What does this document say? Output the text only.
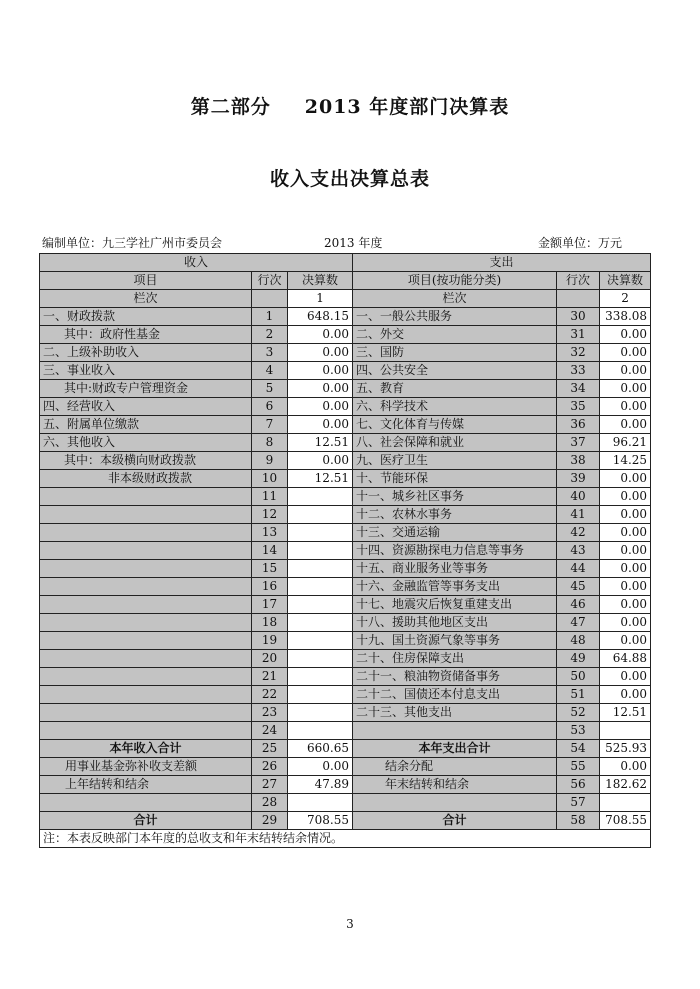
第二部分 2013 年度部门决算表
收入支出决算总表
编制单位：九三学社广州市委员会	2013 年度	金额单位：万元
收入			支出		
项目	行次	决算数	项目(按功能分类)	行次	决算数
栏次		1	栏次		2
一、财政拨款	1	648.15	一、一般公共服务	30	338.08
其中：政府性基金	2	0.00	二、外交	31	0.00
二、上级补助收入	3	0.00	三、国防	32	0.00
三、事业收入	4	0.00	四、公共安全	33	0.00
其中:财政专户管理资金	5	0.00	五、教育	34	0.00
四、经营收入	6	0.00	六、科学技术	35	0.00
五、附属单位缴款	7	0.00	七、文化体育与传媒	36	0.00
六、其他收入	8	12.51	八、社会保障和就业	37	96.21
其中：本级横向财政拨款	9	0.00	九、医疗卫生	38	14.25
非本级财政拨款	10	12.51	十、节能环保	39	0.00
	11		十一、城乡社区事务	40	0.00
	12		十二、农林水事务	41	0.00
	13		十三、交通运输	42	0.00
	14		十四、资源勘探电力信息等事务	43	0.00
	15		十五、商业服务业等事务	44	0.00
	16		十六、金融监管等事务支出	45	0.00
	17		十七、地震灾后恢复重建支出	46	0.00
	18		十八、援助其他地区支出	47	0.00
	19		十九、国土资源气象等事务	48	0.00
	20		二十、住房保障支出	49	64.88
	21		二十一、粮油物资储备事务	50	0.00
	22		二十二、国债还本付息支出	51	0.00
	23		二十三、其他支出	52	12.51
	24			53	
本年收入合计	25	660.65	本年支出合计	54	525.93
用事业基金弥补收支差额	26	0.00	结余分配	55	0.00
上年结转和结余	27	47.89	年末结转和结余	56	182.62
	28			57	
合计	29	708.55	合计	58	708.55
注：本表反映部门本年度的总收支和年末结转结余情况。					
3
